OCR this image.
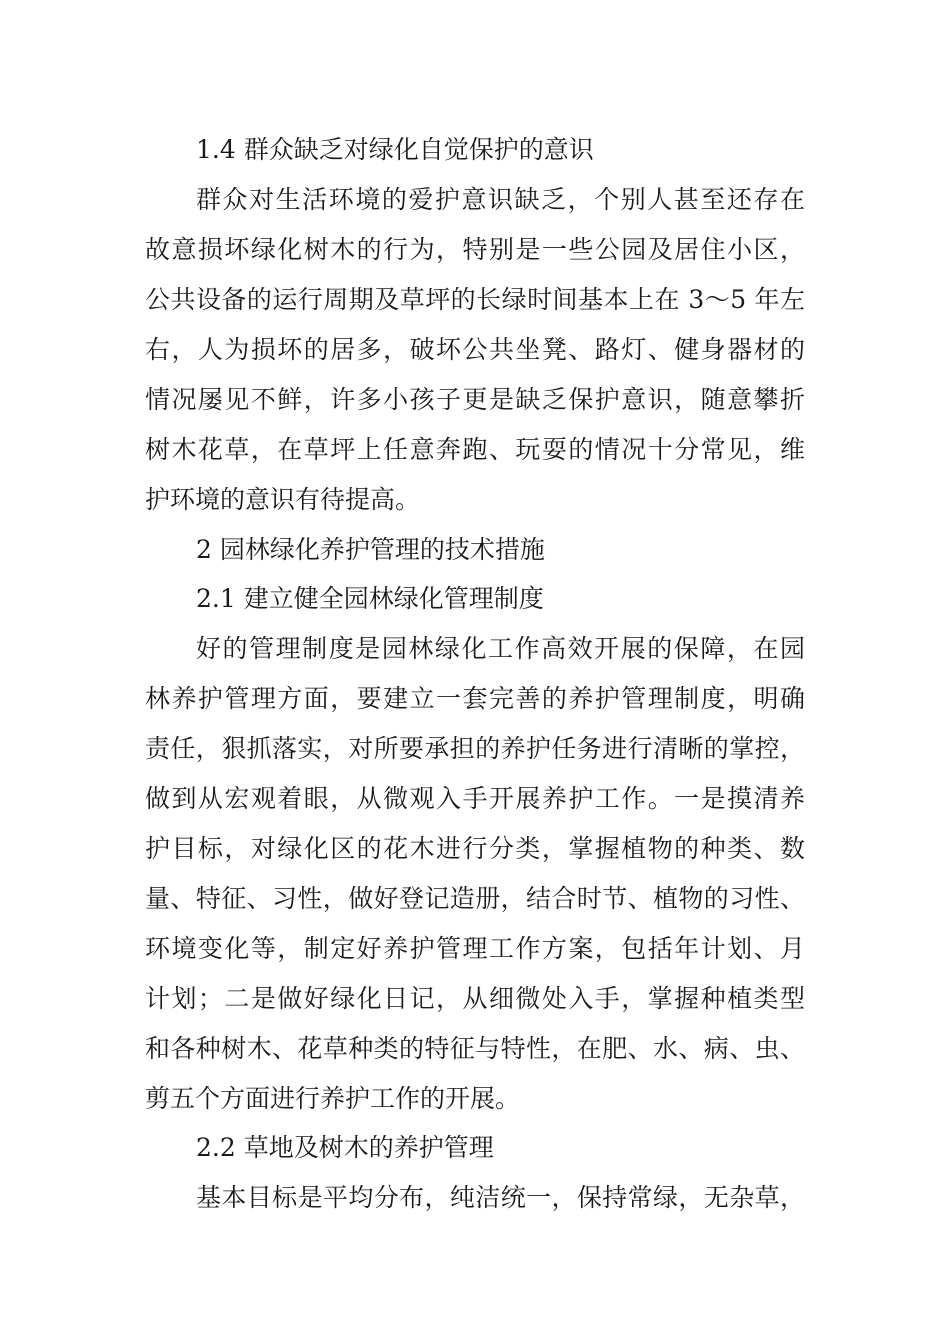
1.4 群众缺乏对绿化自觉保护的意识
群众对生活环境的爱护意识缺乏，个别人甚至还存在
故意损坏绿化树木的行为，特别是一些公园及居住小区，
公共设备的运行周期及草坪的长绿时间基本上在 3～5 年左
右，人为损坏的居多，破坏公共坐凳、路灯、健身器材的
情况屡见不鲜，许多小孩子更是缺乏保护意识，随意攀折
树木花草，在草坪上任意奔跑、玩耍的情况十分常见，维
护环境的意识有待提高。
2 园林绿化养护管理的技术措施
2.1 建立健全园林绿化管理制度
好的管理制度是园林绿化工作高效开展的保障，在园
林养护管理方面，要建立一套完善的养护管理制度，明确
责任，狠抓落实，对所要承担的养护任务进行清晰的掌控，
做到从宏观着眼，从微观入手开展养护工作。一是摸清养
护目标，对绿化区的花木进行分类，掌握植物的种类、数
量、特征、习性，做好登记造册，结合时节、植物的习性、
环境变化等，制定好养护管理工作方案，包括年计划、月
计划；二是做好绿化日记，从细微处入手，掌握种植类型
和各种树木、花草种类的特征与特性，在肥、水、病、虫、
剪五个方面进行养护工作的开展。
2.2 草地及树木的养护管理
基本目标是平均分布，纯洁统一，保持常绿，无杂草，
